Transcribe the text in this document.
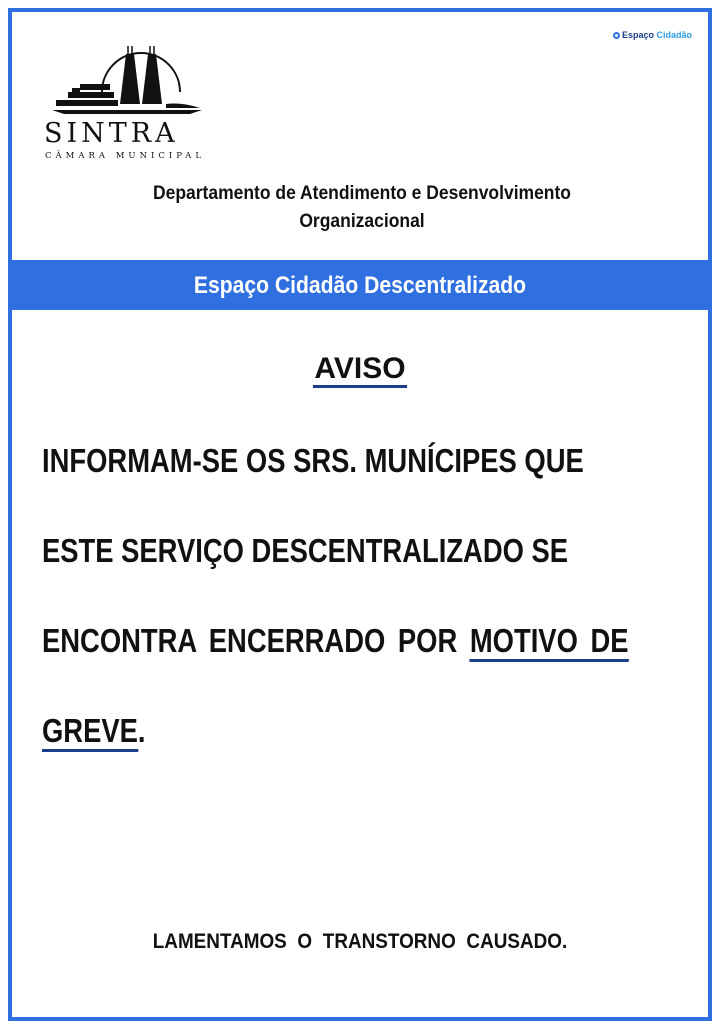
SINTRA
CÂMARA MUNICIPAL
Espaço Cidadão
Departamento de Atendimento e Desenvolvimento
Organizacional
Espaço Cidadão Descentralizado
AVISO
INFORMAM-SE OS SRS. MUNÍCIPES QUE
ESTE SERVIÇO DESCENTRALIZADO SE
ENCONTRA ENCERRADO POR MOTIVO DE
GREVE.
LAMENTAMOS O TRANSTORNO CAUSADO.
